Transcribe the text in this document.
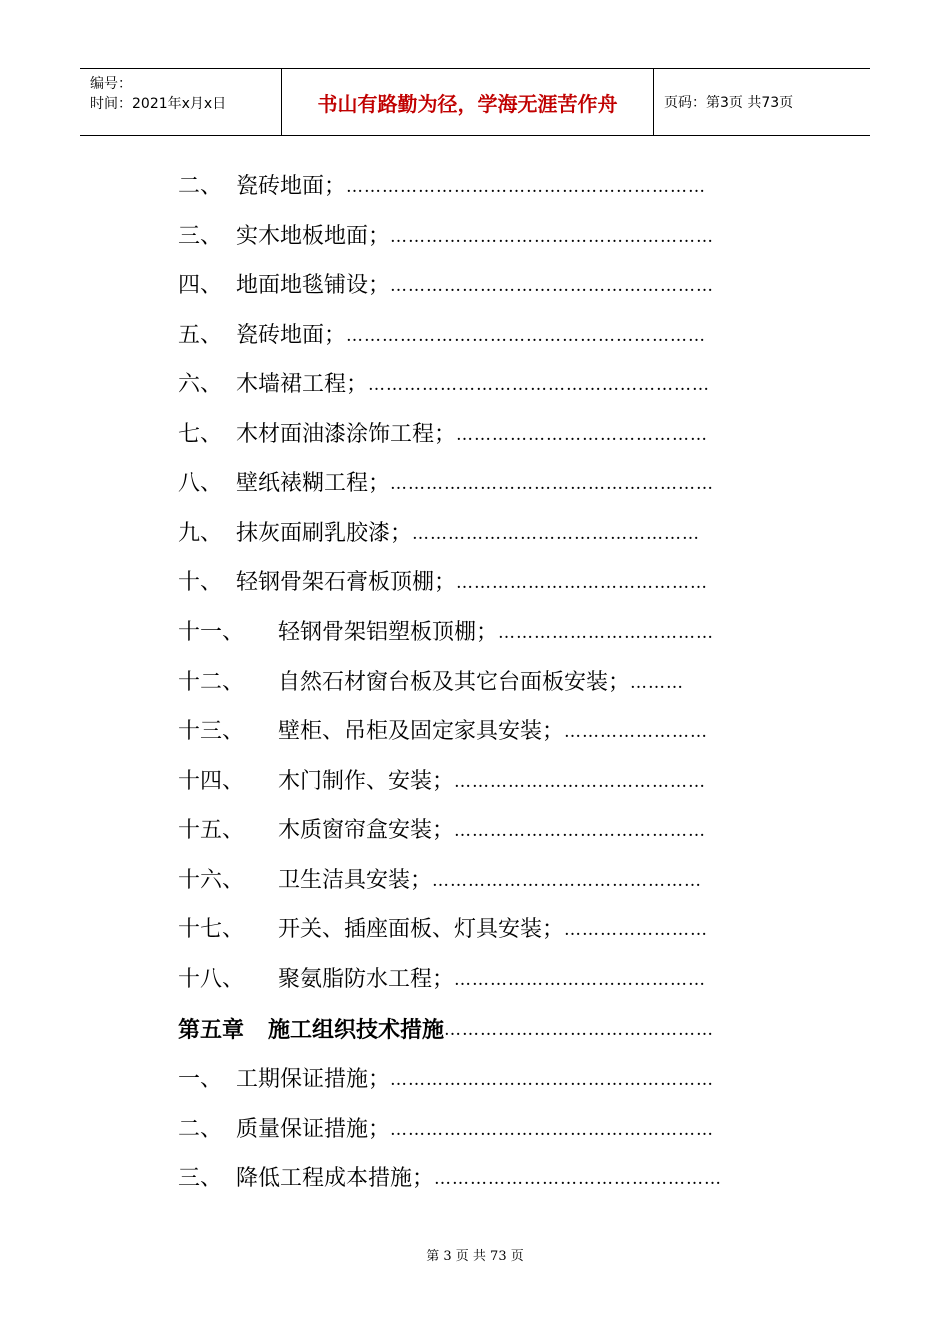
编号：
时间：2021年x月x日	书山有路勤为径，学海无涯苦作舟	页码：第3页 共73页
二、 瓷砖地面；……………………………………………………
三、 实木地板地面；………………………………………………
四、 地面地毯铺设；………………………………………………
五、 瓷砖地面；……………………………………………………
六、 木墙裙工程；…………………………………………………
七、 木材面油漆涂饰工程；……………………………………
八、 壁纸裱糊工程；………………………………………………
九、 抹灰面刷乳胶漆；…………………………………………
十、 轻钢骨架石膏板顶棚；……………………………………
十一、 轻钢骨架铝塑板顶棚；………………………………
十二、 自然石材窗台板及其它台面板安装；………
十三、 壁柜、吊柜及固定家具安装；……………………
十四、 木门制作、安装；……………………………………
十五、 木质窗帘盒安装；……………………………………
十六、 卫生洁具安装；………………………………………
十七、 开关、插座面板、灯具安装；……………………
十八、 聚氨脂防水工程；……………………………………
第五章 施工组织技术措施………………………………………
一、 工期保证措施；………………………………………………
二、 质量保证措施；………………………………………………
三、 降低工程成本措施；…………………………………………
第 3 页 共 73 页
